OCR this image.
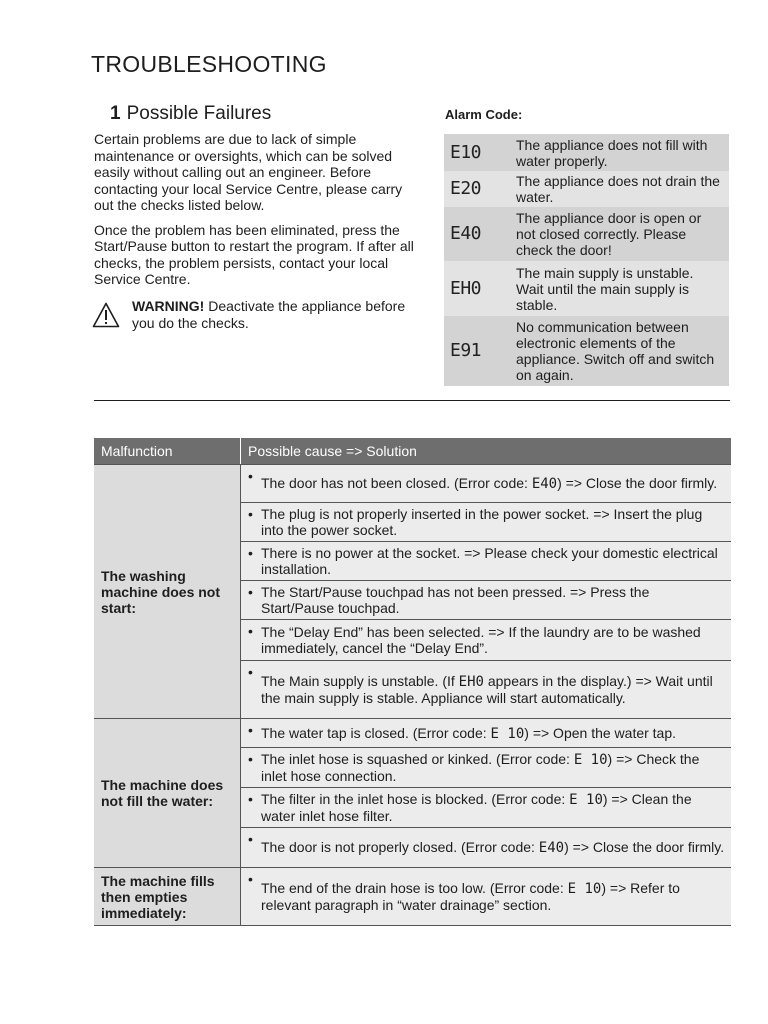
TROUBLESHOOTING
1 Possible Failures

Certain problems are due to lack of simple maintenance or oversights, which can be solved easily without calling out an engineer. Before contacting your local Service Centre, please carry out the checks listed below.

Once the problem has been eliminated, press the Start/Pause button to restart the program. If after all checks, the problem persists, contact your local Service Centre.

WARNING! Deactivate the appliance before you do the checks.
Alarm Code:
E10	The appliance does not fill with water properly.
E20	The appliance does not drain the water.
E40	The appliance door is open or not closed correctly. Please check the door!
EH0	The main supply is unstable. Wait until the main supply is stable.
E91	No communication between electronic elements of the appliance. Switch off and switch on again.
Malfunction	Possible cause => Solution
The washing machine does not start:	• The door has not been closed. (Error code: E40) => Close the door firmly.
	• The plug is not properly inserted in the power socket. => Insert the plug into the power socket.
	• There is no power at the socket. => Please check your domestic electrical installation.
	• The Start/Pause touchpad has not been pressed. => Press the Start/Pause touchpad.
	• The “Delay End” has been selected. => If the laundry are to be washed immediately, cancel the “Delay End”.
	• The Main supply is unstable. (If EH0 appears in the display.) => Wait until the main supply is stable. Appliance will start automatically.
The machine does not fill the water:	• The water tap is closed. (Error code: E 10) => Open the water tap.
	• The inlet hose is squashed or kinked. (Error code: E 10) => Check the inlet hose connection.
	• The filter in the inlet hose is blocked. (Error code: E 10) => Clean the water inlet hose filter.
	• The door is not properly closed. (Error code: E40) => Close the door firmly.
The machine fills then empties immediately:	• The end of the drain hose is too low. (Error code: E 10) => Refer to relevant paragraph in “water drainage” section.
